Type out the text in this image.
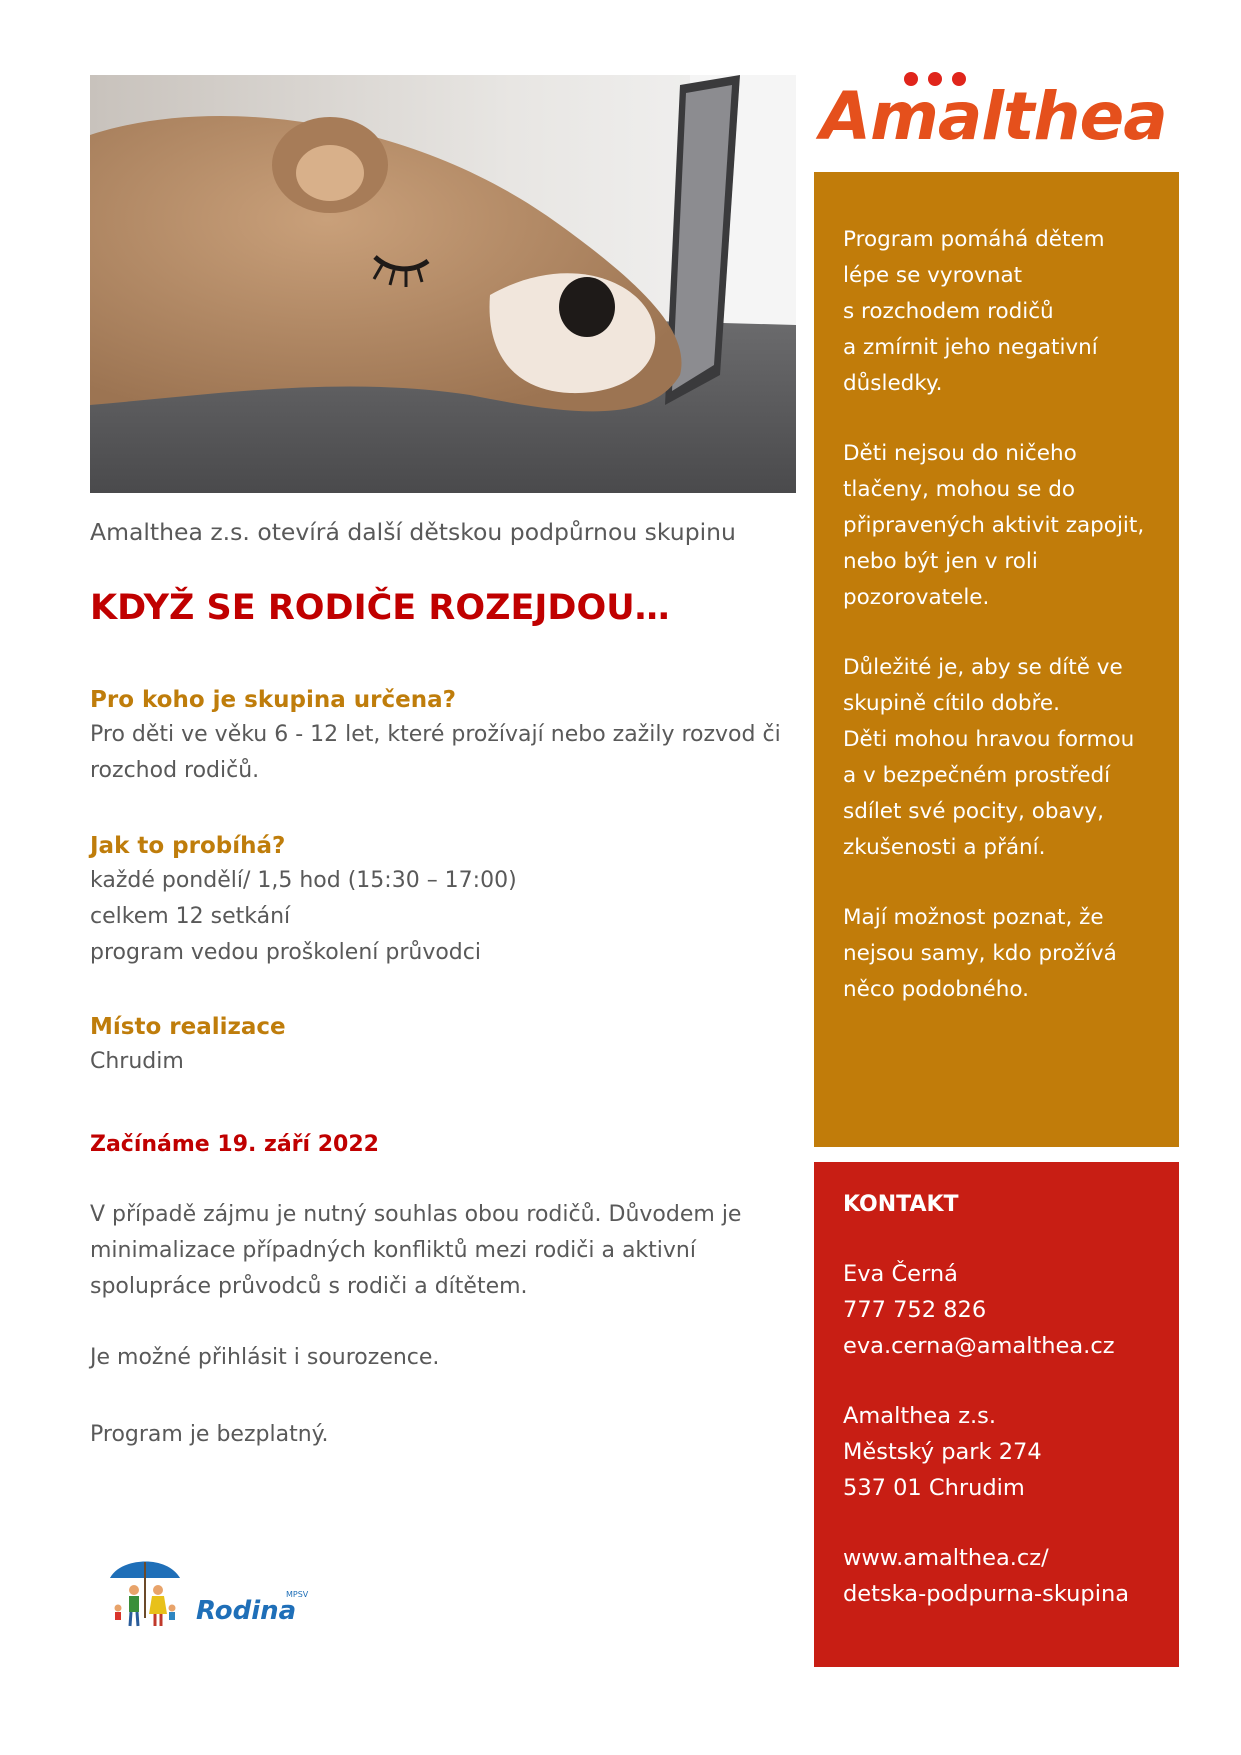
Amalthea
Amalthea z.s. otevírá další dětskou podpůrnou skupinu
KDYŽ SE RODIČE ROZEJDOU…
Pro koho je skupina určena?
Pro děti ve věku 6 - 12 let, které prožívají nebo zažily rozvod či
rozchod rodičů.
Jak to probíhá?
každé pondělí/ 1,5 hod (15:30 – 17:00)
celkem 12 setkání
program vedou proškolení průvodci
Místo realizace
Chrudim
Začínáme 19. září 2022
V případě zájmu je nutný souhlas obou rodičů. Důvodem je
minimalizace případných konfliktů mezi rodiči a aktivní
spolupráce průvodců s rodiči a dítětem.
Je možné přihlásit i sourozence.
Program je bezplatný.
Program pomáhá dětem
lépe se vyrovnat
s rozchodem rodičů
a zmírnit jeho negativní
důsledky.
Děti nejsou do ničeho
tlačeny, mohou se do
připravených aktivit zapojit,
nebo být jen v roli
pozorovatele.
Důležité je, aby se dítě ve
skupině cítilo dobře.
Děti mohou hravou formou
a v bezpečném prostředí
sdílet své pocity, obavy,
zkušenosti a přání.
Mají možnost poznat, že
nejsou samy, kdo prožívá
něco podobného.
KONTAKT
Eva Černá
777 752 826
eva.cerna@amalthea.cz
Amalthea z.s.
Městský park 274
537 01 Chrudim
www.amalthea.cz/
detska-podpurna-skupina
Rodina
MPSV
